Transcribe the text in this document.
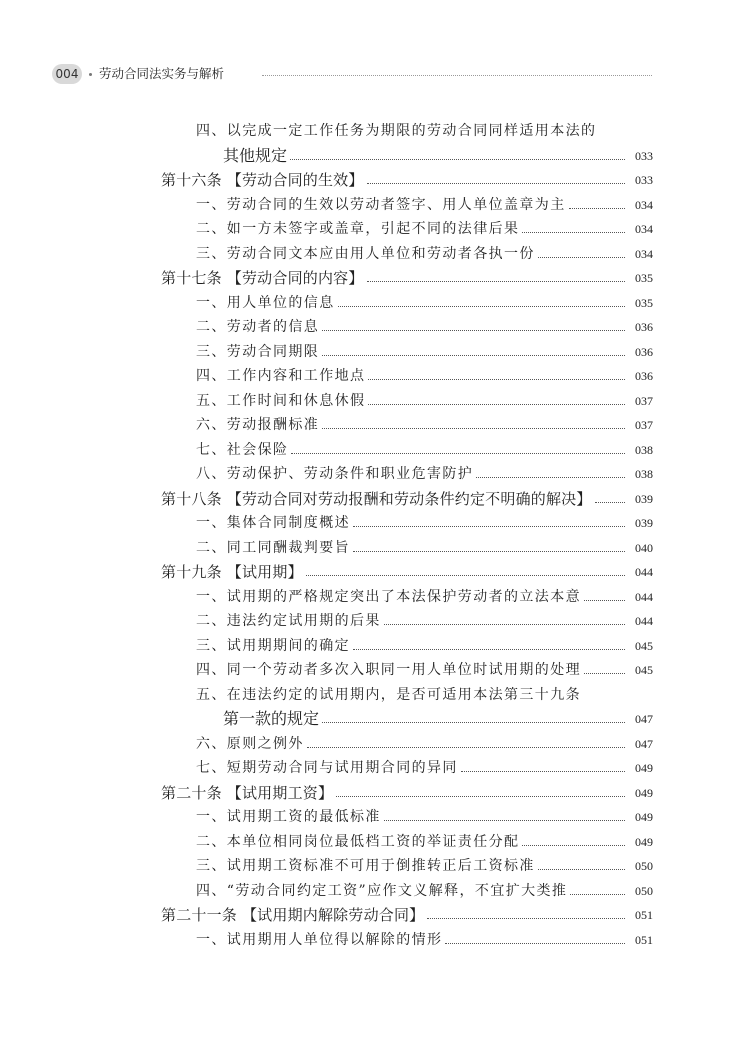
004 劳动合同法实务与解析
四、以完成一定工作任务为期限的劳动合同同样适用本法的
其他规定	033
第十六条 【劳动合同的生效】	033
一、劳动合同的生效以劳动者签字、用人单位盖章为主	034
二、如一方未签字或盖章，引起不同的法律后果	034
三、劳动合同文本应由用人单位和劳动者各执一份	034
第十七条 【劳动合同的内容】	035
一、用人单位的信息	035
二、劳动者的信息	036
三、劳动合同期限	036
四、工作内容和工作地点	036
五、工作时间和休息休假	037
六、劳动报酬标准	037
七、社会保险	038
八、劳动保护、劳动条件和职业危害防护	038
第十八条 【劳动合同对劳动报酬和劳动条件约定不明确的解决】	039
一、集体合同制度概述	039
二、同工同酬裁判要旨	040
第十九条 【试用期】	044
一、试用期的严格规定突出了本法保护劳动者的立法本意	044
二、违法约定试用期的后果	044
三、试用期期间的确定	045
四、同一个劳动者多次入职同一用人单位时试用期的处理	045
五、在违法约定的试用期内，是否可适用本法第三十九条
第一款的规定	047
六、原则之例外	047
七、短期劳动合同与试用期合同的异同	049
第二十条 【试用期工资】	049
一、试用期工资的最低标准	049
二、本单位相同岗位最低档工资的举证责任分配	049
三、试用期工资标准不可用于倒推转正后工资标准	050
四、“劳动合同约定工资”应作文义解释，不宜扩大类推	050
第二十一条 【试用期内解除劳动合同】	051
一、试用期用人单位得以解除的情形	051
